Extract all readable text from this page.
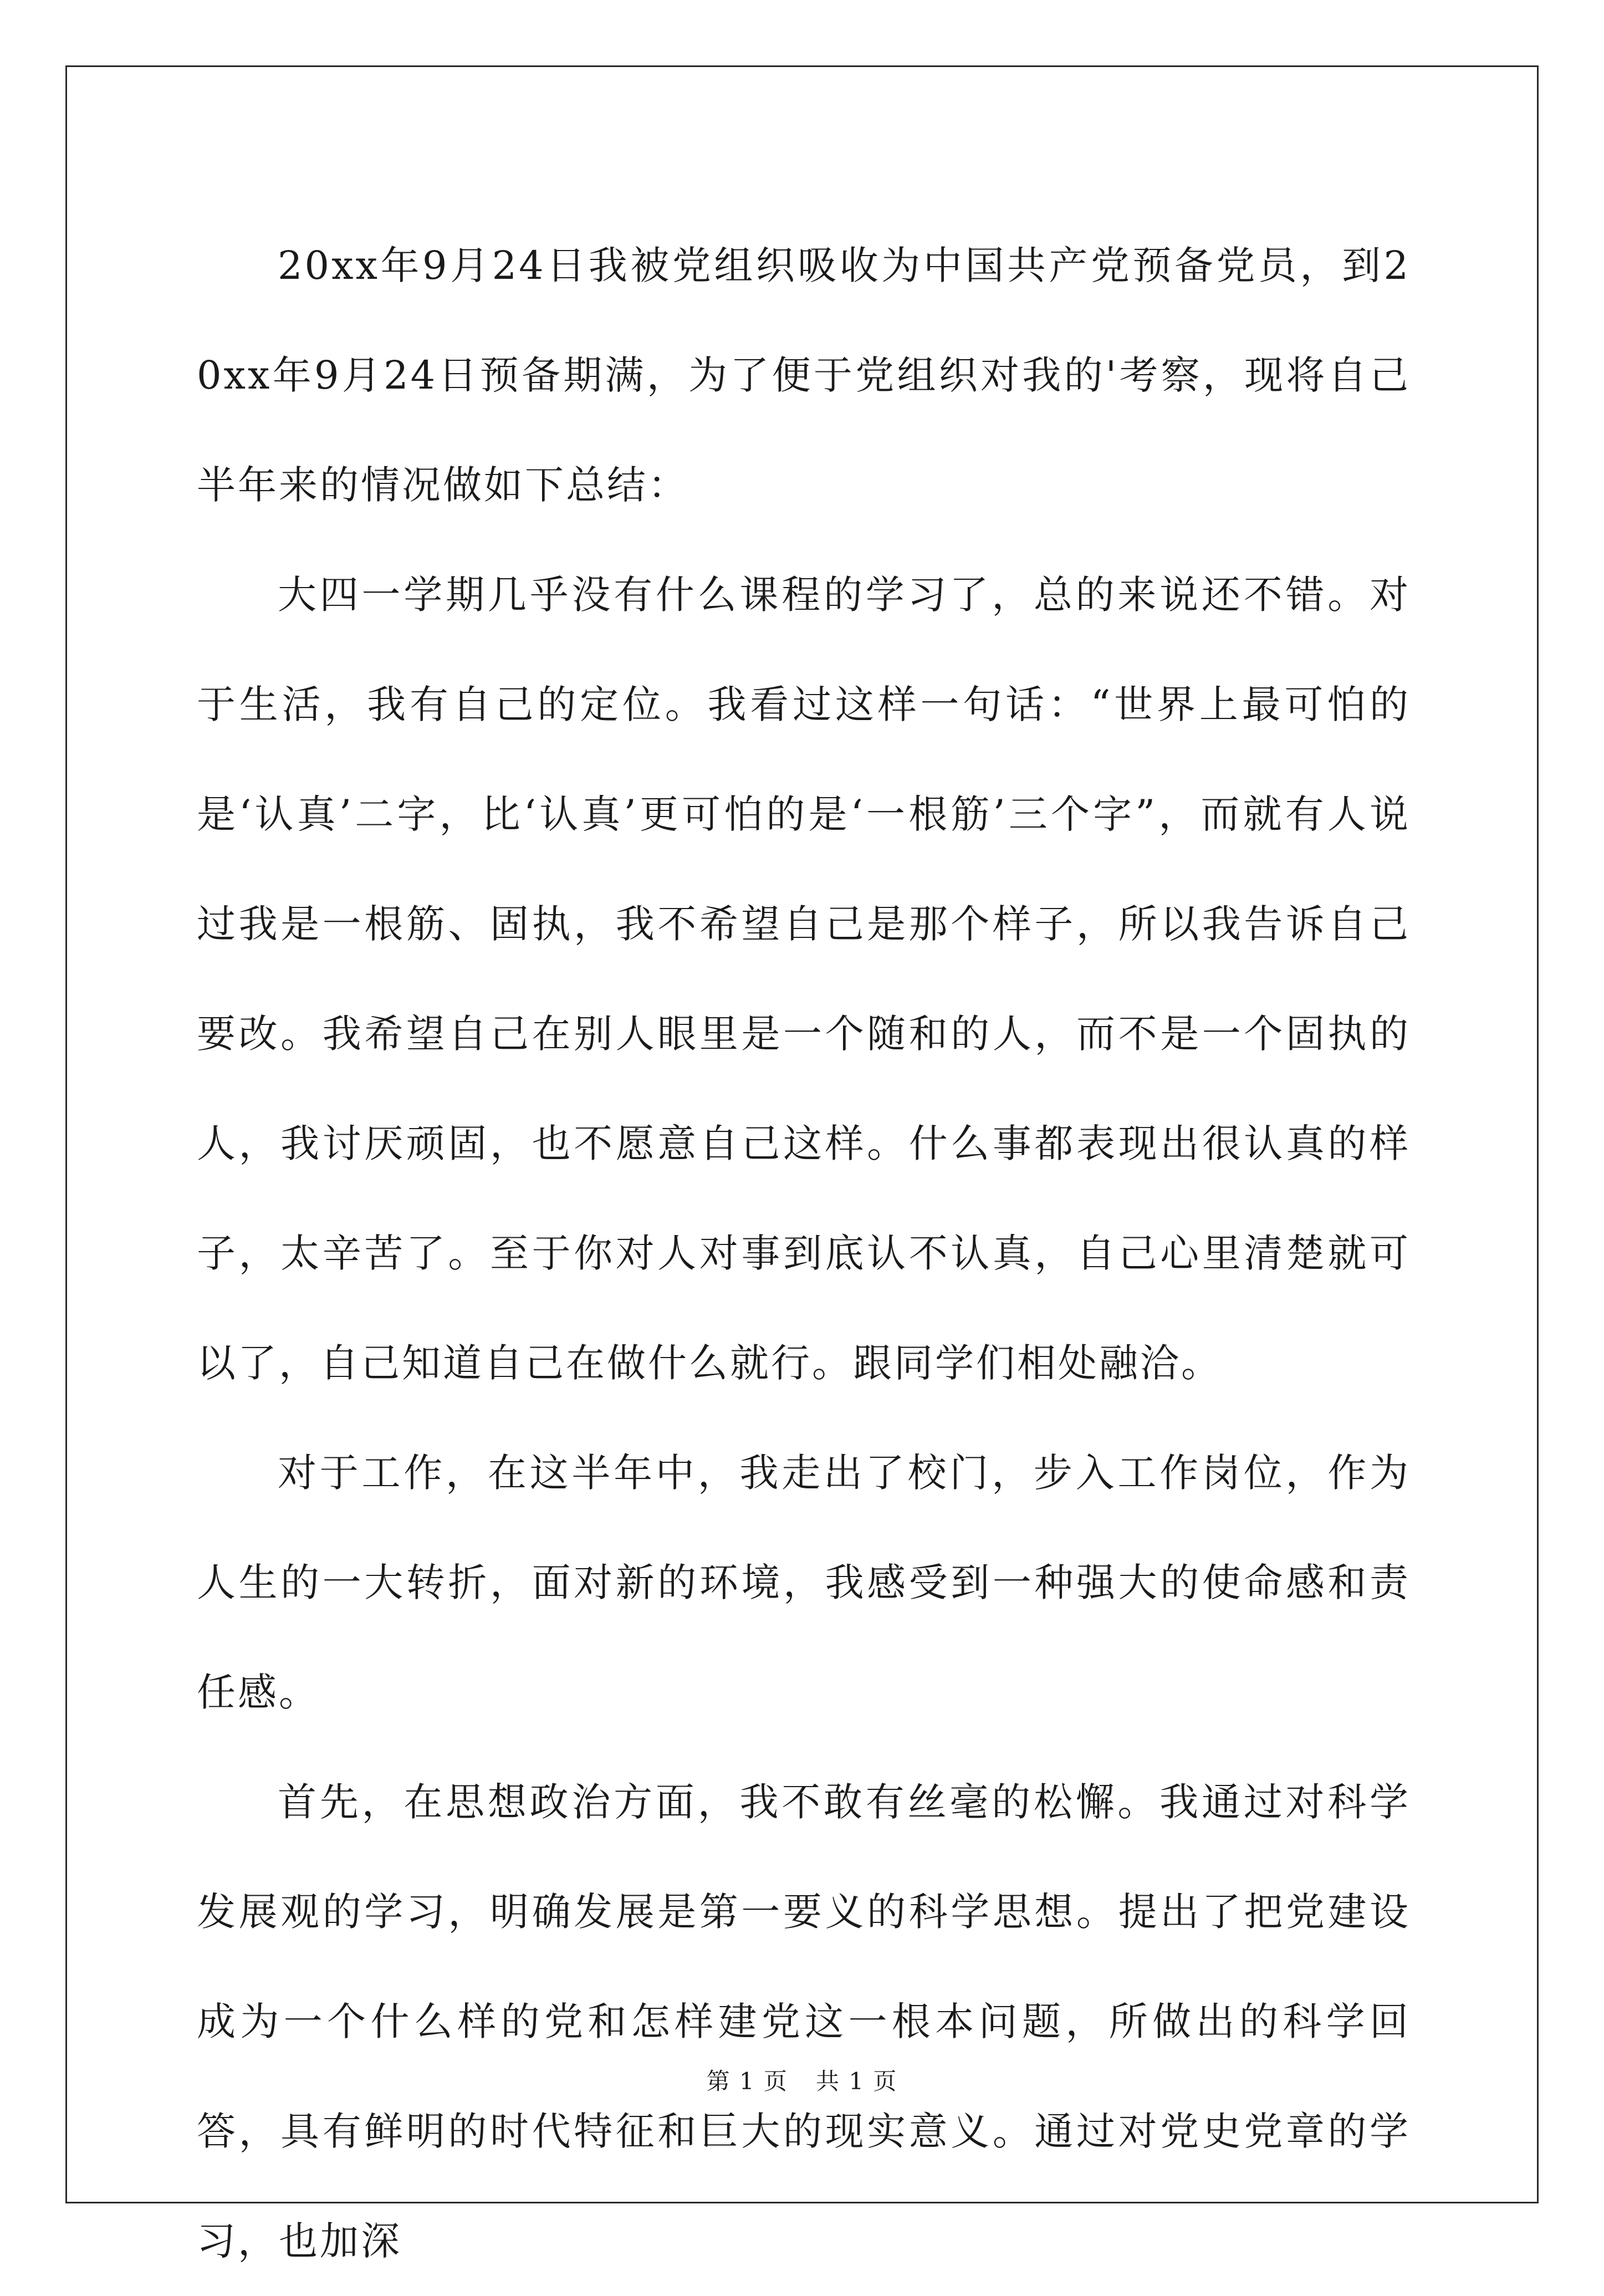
20xx年9月24日我被党组织吸收为中国共产党预备党员，到20xx年9月24日预备期满，为了便于党组织对我的'考察，现将自己半年来的情况做如下总结：

大四一学期几乎没有什么课程的学习了，总的来说还不错。对于生活，我有自己的定位。我看过这样一句话：“世界上最可怕的是‘认真’二字，比‘认真’更可怕的是‘一根筋’三个字”，而就有人说过我是一根筋、固执，我不希望自己是那个样子，所以我告诉自己要改。我希望自己在别人眼里是一个随和的人，而不是一个固执的人，我讨厌顽固，也不愿意自己这样。什么事都表现出很认真的样子，太辛苦了。至于你对人对事到底认不认真，自己心里清楚就可以了，自己知道自己在做什么就行。跟同学们相处融洽。

对于工作，在这半年中，我走出了校门，步入工作岗位，作为人生的一大转折，面对新的环境，我感受到一种强大的使命感和责任感。

首先，在思想政治方面，我不敢有丝毫的松懈。我通过对科学发展观的学习，明确发展是第一要义的科学思想。提出了把党建设成为一个什么样的党和怎样建党这一根本问题，所做出的科学回答，具有鲜明的时代特征和巨大的现实意义。通过对党史党章的学习，也加深

第 1 页 共 1 页
